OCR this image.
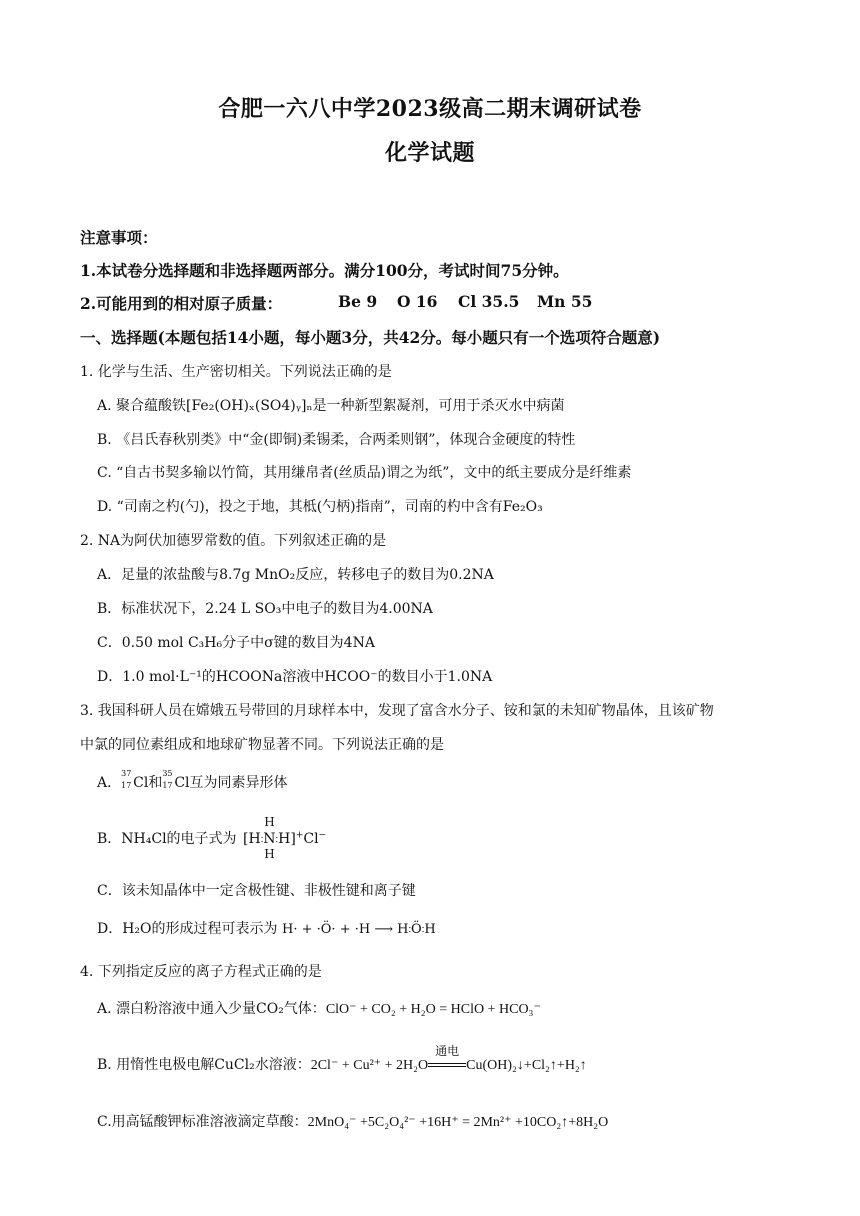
合肥一六八中学2023级高二期末调研试卷
化学试题
注意事项：
1.本试卷分选择题和非选择题两部分。满分100分，考试时间75分钟。
2.可能用到的相对原子质量：	Be 9 O 16 Cl 35.5 Mn 55
一、选择题(本题包括14小题，每小题3分，共42分。每小题只有一个选项符合题意)
1. 化学与生活、生产密切相关。下列说法正确的是
A. 聚合蕴酸铁[Fe₂(OH)ₓ(SO4)ᵧ]ₙ是一种新型絮凝剂，可用于杀灭水中病菌
B. 《吕氏春秋别类》中“金(即铜)柔锡柔，合两柔则钢”，体现合金硬度的特性
C. “自古书契多输以竹简，其用缣帛者(丝质品)谓之为纸”，文中的纸主要成分是纤维素
D. “司南之杓(勺)，投之于地，其柢(勺柄)指南”，司南的杓中含有Fe₂O₃
2. NA为阿伏加德罗常数的值。下列叙述正确的是
A．足量的浓盐酸与8.7g MnO₂反应，转移电子的数目为0.2NA
B．标准状况下，2.24 L SO₃中电子的数目为4.00NA
C．0.50 mol C₃H₆分子中σ键的数目为4NA
D．1.0 mol·L⁻¹的HCOONa溶液中HCOO⁻的数目小于1.0NA
3. 我国科研人员在嫦娥五号带回的月球样本中，发现了富含水分子、铵和氯的未知矿物晶体，且该矿物
中氯的同位素组成和地球矿物显著不同。下列说法正确的是
A．
37
17 Cl和
35
17 Cl互为同素异形体
B．NH₄Cl的电子式为 [H∶N
H
H
∶H]+Cl−
C．该未知晶体中一定含极性键、非极性键和离子键
D．H₂O的形成过程可表示为 H· + ·Ö· + ·H ⟶ H∶Ö∶H
4. 下列指定反应的离子方程式正确的是
A. 漂白粉溶液中通入少量CO₂气体：ClO⁻ + CO₂ + H₂O = HClO + HCO₃⁻
B. 用惰性电极电解CuCl₂水溶液：2Cl⁻ + Cu²⁺ + 2H₂O
通电
Cu(OH)₂↓+Cl₂↑+H₂↑
C.用高锰酸钾标准溶液滴定草酸：2MnO₄⁻ +5C₂O₄²⁻ +16H⁺ = 2Mn²⁺ +10CO₂↑+8H₂O
